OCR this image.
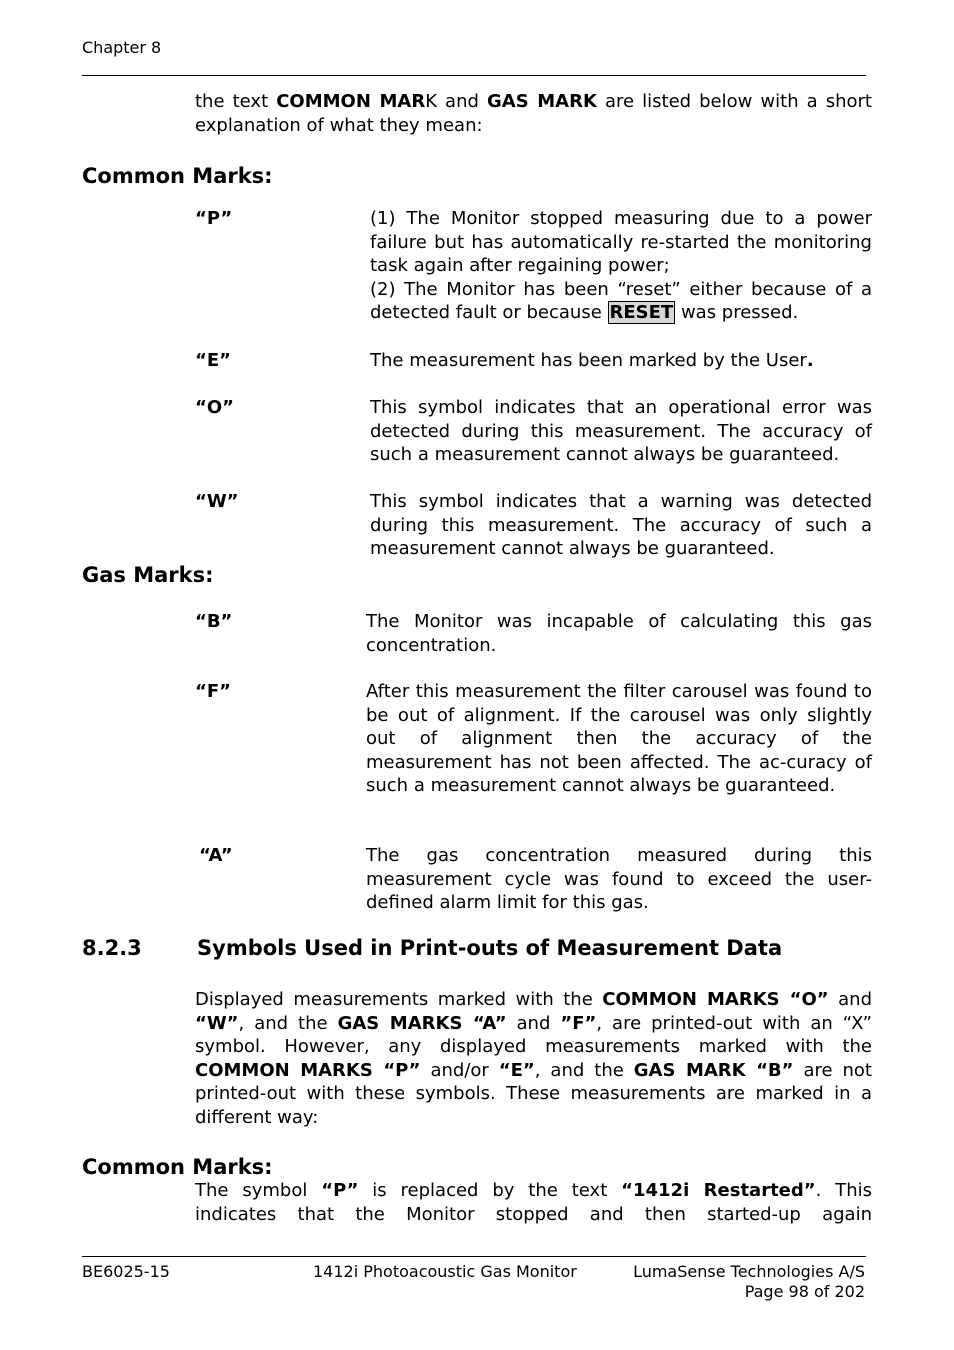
Chapter 8
the text COMMON MARK and GAS MARK are listed below with a short explanation of what they mean:
Common Marks:
“P”	(1) The Monitor stopped measuring due to a power failure but has automatically re-started the monitoring task again after regaining power;
(2) The Monitor has been “reset” either because of a detected fault or because RESET was pressed.
“E”	The measurement has been marked by the User.
“O”	This symbol indicates that an operational error was detected during this measurement. The accuracy of such a measurement cannot always be guaranteed.
“W”	This symbol indicates that a warning was detected during this measurement. The accuracy of such a measurement cannot always be guaranteed.
Gas Marks:
“B”	The Monitor was incapable of calculating this gas concentration.
“F”	After this measurement the filter carousel was found to be out of alignment. If the carousel was only slightly out of alignment then the accuracy of the measurement has not been affected. The ac-curacy of such a measurement cannot always be guaranteed.
“A”	The gas concentration measured during this measurement cycle was found to exceed the user-defined alarm limit for this gas.
8.2.3	Symbols Used in Print-outs of Measurement Data
Displayed measurements marked with the COMMON MARKS “O” and “W”, and the GAS MARKS “A” and ”F”, are printed-out with an “X” symbol. However, any displayed measurements marked with the COMMON MARKS “P” and/or “E”, and the GAS MARK “B” are not printed-out with these symbols. These measurements are marked in a different way:
Common Marks:
The symbol “P” is replaced by the text “1412i Restarted”. This indicates that the Monitor stopped and then started-up again
BE6025-15	1412i Photoacoustic Gas Monitor	LumaSense Technologies A/S
Page 98 of 202
